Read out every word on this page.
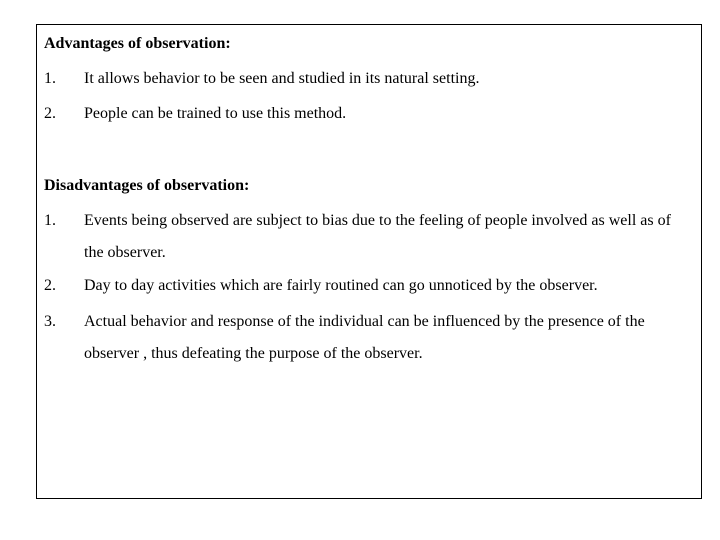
Advantages of observation:
1.	It allows behavior to be seen and studied in its natural setting.
2.	People can be trained to use this method.
Disadvantages of observation:
1.	Events being observed are subject to bias due to the feeling of people involved as well as of the observer.
2.	Day to day activities which are fairly routined can go unnoticed by the observer.
3.	Actual behavior and response of the individual can be influenced by the presence of the observer , thus defeating the purpose of the observer.
